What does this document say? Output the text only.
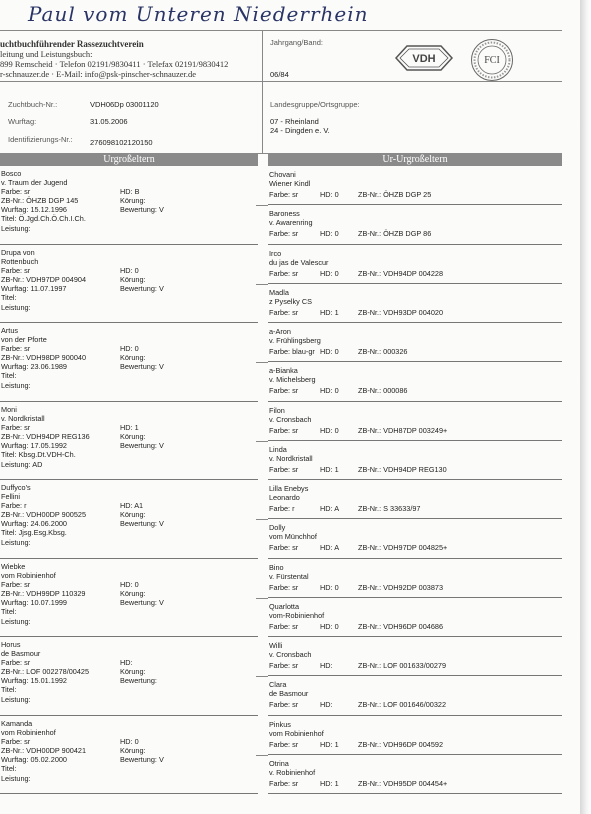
Paul vom Unteren Niederrhein
uchtbuchführender Rassezuchtverein
leitung und Leistungsbuch:
899 Remscheid · Telefon 02191/9830411 · Telefax 02191/9830412
r-schnauzer.de · E-Mail: info@psk-pinscher-schnauzer.de
Jahrgang/Band:
06/84
VDH	FCI
Zuchtbuch-Nr.:	VDH06Dp 03001120
Wurftag:	31.05.2006
Identifizierungs-Nr.: 276098102120150
Landesgruppe/Ortsgruppe:
07 - Rheinland
24 - Dingden e. V.
Urgroßeltern	Ur-Urgroßeltern
Bosco
v. Traum der Jugend
Farbe: sr	HD: B
ZB-Nr.: ÖHZB DGP 145	Körung:
Wurftag: 15.12.1996	Bewertung: V
Titel: Ö.Jgd.Ch.Ö.Ch.I.Ch.
Leistung:
Drupa von
Rottenbuch
Farbe: sr	HD: 0
ZB-Nr.: VDH97DP 004904	Körung:
Wurftag: 11.07.1997	Bewertung: V
Titel:
Leistung:
Artus
von der Pforte
Farbe: sr	HD: 0
ZB-Nr.: VDH98DP 900040	Körung:
Wurftag: 23.06.1989	Bewertung: V
Titel:
Leistung:
Moni
v. Nordkristall
Farbe: sr	HD: 1
ZB-Nr.: VDH94DP REG136	Körung:
Wurftag: 17.05.1992	Bewertung: V
Titel: Kbsg.Dt.VDH-Ch.
Leistung: AD
Duffyco's
Fellini
Farbe: r	HD: A1
ZB-Nr.: VDH00DP 900525	Körung:
Wurftag: 24.06.2000	Bewertung: V
Titel: Jjsg.Esg.Kbsg.
Leistung:
Wiebke
vom Robinienhof
Farbe: sr	HD: 0
ZB-Nr.: VDH99DP 110329	Körung:
Wurftag: 10.07.1999	Bewertung: V
Titel:
Leistung:
Horus
de Basmour
Farbe: sr	HD:
ZB-Nr.: LOF 002278/00425	Körung:
Wurftag: 15.01.1992	Bewertung:
Titel:
Leistung:
Kamanda
vom Robinienhof
Farbe: sr	HD: 0
ZB-Nr.: VDH00DP 900421	Körung:
Wurftag: 05.02.2000	Bewertung: V
Titel:
Leistung:
Chovani
Wiener Kindl
Farbe: sr	HD: 0	ZB-Nr.: ÖHZB DGP 25
Baroness
v. Awarenring
Farbe: sr	HD: 0	ZB-Nr.: ÖHZB DGP 86
Irco
du jas de Valescur
Farbe: sr	HD: 0	ZB-Nr.: VDH94DP 004228
Madla
z Pyselky CS
Farbe: sr	HD: 1	ZB-Nr.: VDH93DP 004020
a-Aron
v. Frühlingsberg
Farbe: blau-gr HD: 0	ZB-Nr.: 000326
a-Bianka
v. Michelsberg
Farbe: sr	HD: 0	ZB-Nr.: 000086
Filon
v. Cronsbach
Farbe: sr	HD: 0	ZB-Nr.: VDH87DP 003249+
Linda
v. Nordkristall
Farbe: sr	HD: 1	ZB-Nr.: VDH94DP REG130
Lilla Enebys
Leonardo
Farbe: r	HD: A	ZB-Nr.: S 33633/97
Dolly
vom Münchhof
Farbe: sr	HD: A	ZB-Nr.: VDH97DP 004825+
Bino
v. Fürstental
Farbe: sr	HD: 0	ZB-Nr.: VDH92DP 003873
Quarlotta
vom-Robinienhof
Farbe: sr	HD: 0	ZB-Nr.: VDH96DP 004686
Willi
v. Cronsbach
Farbe: sr	HD:	ZB-Nr.: LOF 001633/00279
Clara
de Basmour
Farbe: sr	HD:	ZB-Nr.: LOF 001646/00322
Pinkus
vom Robinienhof
Farbe: sr	HD: 1	ZB-Nr.: VDH96DP 004592
Otrina
v. Robinienhof
Farbe: sr	HD: 1	ZB-Nr.: VDH95DP 004454+
